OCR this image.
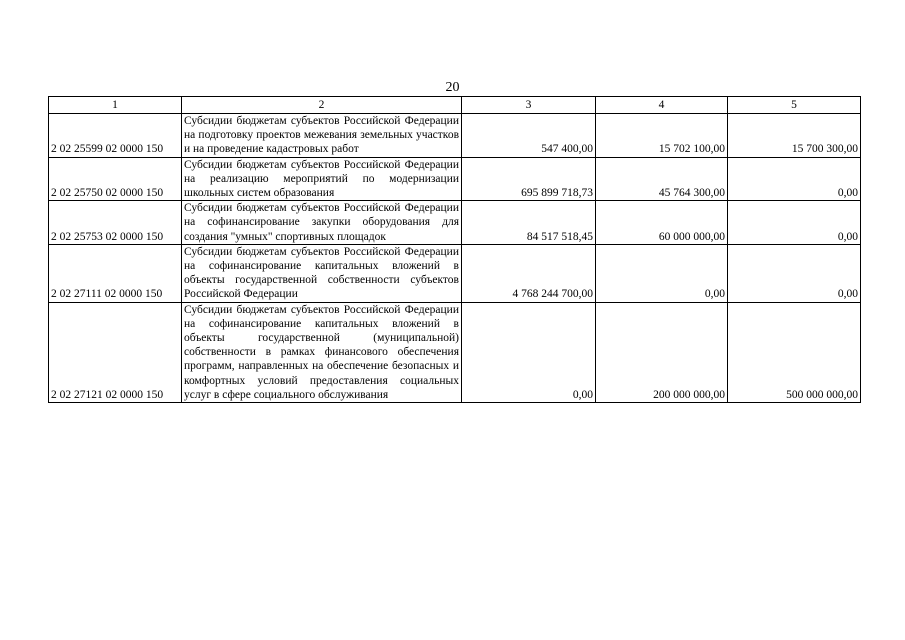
20
1	2	3	4	5
2 02 25599 02 0000 150	Субсидии бюджетам субъектов Российской Федерации на подготовку проектов межевания земельных участков и на проведение кадастровых работ	547 400,00	15 702 100,00	15 700 300,00
2 02 25750 02 0000 150	Субсидии бюджетам субъектов Российской Федерации на реализацию мероприятий по модернизации школьных систем образования	695 899 718,73	45 764 300,00	0,00
2 02 25753 02 0000 150	Субсидии бюджетам субъектов Российской Федерации на софинансирование закупки оборудования для создания "умных" спортивных площадок	84 517 518,45	60 000 000,00	0,00
2 02 27111 02 0000 150	Субсидии бюджетам субъектов Российской Федерации на софинансирование капитальных вложений в объекты государственной собственности субъектов Российской Федерации	4 768 244 700,00	0,00	0,00
2 02 27121 02 0000 150	Субсидии бюджетам субъектов Российской Федерации на софинансирование капитальных вложений в объекты государственной (муниципальной) собственности в рамках финансового обеспечения программ, направленных на обеспечение безопасных и комфортных условий предоставления социальных услуг в сфере социального обслуживания	0,00	200 000 000,00	500 000 000,00
